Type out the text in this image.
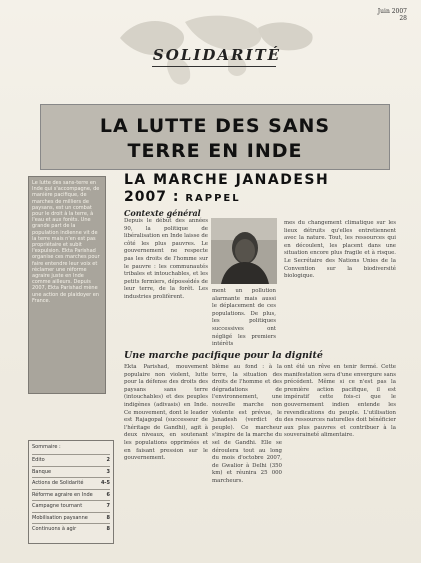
Juin 2007
28
SOLIDARITÉ
LA LUTTE DES SANS
TERRE EN INDE
Le lutte des sans-terre en Inde qui s'accompagne, de manière pacifique, de marches de milliers de paysans, est un combat pour le droit à la terre, à l'eau et aux forêts. Une grande part de la population indienne vit de la terre mais n'en est pas propriétaire et subit l'expulsion. Ekta Parishad organise ces marches pour faire entendre leur voix et réclamer une réforme agraire juste en Inde comme ailleurs. Depuis 2007, Ekta Parishad mène une action de plaidoyer en France.
LA MARCHE JANADESH
2007 : RAPPEL
Contexte général
Depuis le début des années 90, la politique de libéralisation en Inde laisse de côté les plus pauvres. Le gouvernement ne respecte pas les droits de l'homme sur le pauvre : les communautés tribales et intouchables, et les petits fermiers, dépossédés de leur terre, de la forêt. Les industries prolifèrent.
ment un pollution alarmante mais aussi le déplacement de ces populations. De plus, les politiques successives ont négligé les premiers intérêts
mes du changement climatique sur les lieux détruits qu'elles entretiennent avec la nature. Tout, les ressources qui en découlent, les placent dans une situation encore plus fragile et à risque. Le Secrétaire des Nations Unies de la Convention sur la biodiversité biologique.
Une marche pacifique pour la dignité
Ekta Parishad, mouvement populaire non violent, lutte pour la défense des droits des paysans sans terre (intouchables) et des peuples indigènes (adivasis) en Inde. Ce mouvement, dont le leader est Rajagopal (successeur de l'héritage de Gandhi), agit à deux niveaux, en soutenant les populations opprimées et en faisant pression sur le gouvernement.
blème au fond : à la terre, la situation des droits de l'homme et des dégradations de l'environnement, une nouvelle marche non violente est prévue, le Janadesh (verdict du peuple). Ce marcheur s'inspire de la marche du sel de Gandhi. Elle se déroulera tout au long du mois d'octobre 2007, de Gwalior à Delhi (350 km) et réunira 25 000 marcheurs.
ont été un rêve en tenir fermé. Cette manifestation sera d'une envergure sans précédent. Même si ce n'est pas la première action pacifique, il est impératif cette fois-ci que le gouvernement indien entende les revendications du peuple. L'utilisation des ressources naturelles doit bénéficier aux plus pauvres et contribuer à la souveraineté alimentaire.
Sommaire :
Edito	2
Banque	3
Actions de Solidarité	4-5
Réforme agraire en Inde	6
Campagne tournant	7
Mobilisation paysanne	8
Continuons à agir	8
